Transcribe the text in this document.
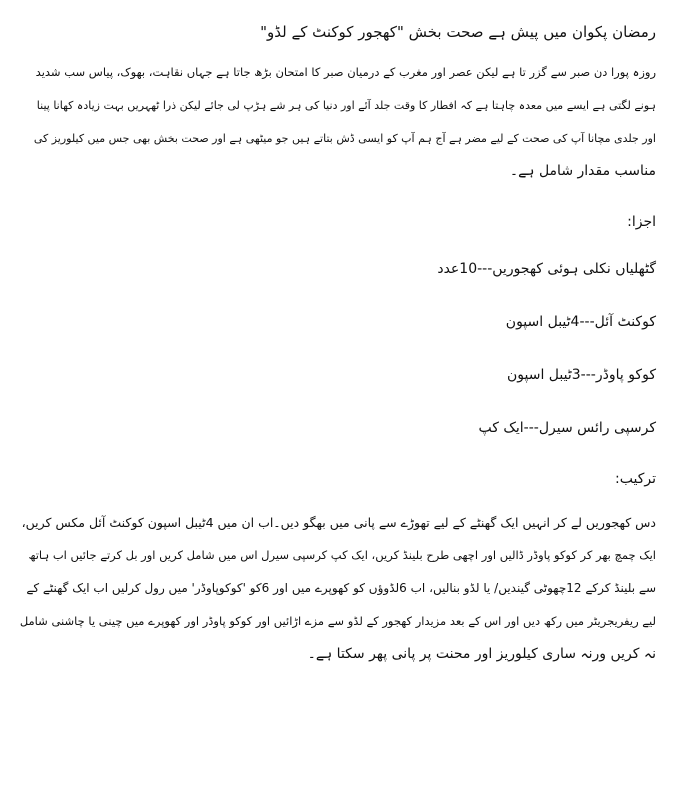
رمضان پکوان میں پیش ہے صحت بخش "کھجور کوکنٹ کے لڈو"
روزہ پورا دن صبر سے گزر تا ہے لیکن عصر اور مغرب کے درمیان صبر کا امتحان بڑھ جاتا ہے جہاں نقاہت، بھوک، پیاس سب شدید
ہونے لگتی ہے ایسے میں معدہ چاہتا ہے کہ افطار کا وقت جلد آئے اور دنیا کی ہر شے ہڑپ لی جائے لیکن ذرا ٹھہریں بہت زیادہ کھانا پینا
اور جلدی مچانا آپ کی صحت کے لیے مضر ہے آج ہم آپ کو ایسی ڈش بتاتے ہیں جو میٹھی ہے اور صحت بخش بھی جس میں کیلوریز کی
مناسب مقدار شامل ہے۔
اجزا:
گٹھلیاں نکلی ہوئی کھجوریں---10عدد
کوکنٹ آئل---4ٹیبل اسپون
کوکو پاوڈر---3ٹیبل اسپون
کرسپی رائس سیرل---ایک کپ
ترکیب:
دس کھجوریں لے کر انہیں ایک گھنٹے کے لیے تھوڑے سے پانی میں بھگو دیں۔اب ان میں 4ٹیبل اسپون کوکنٹ آئل مکس کریں،
ایک چمچ بھر کر کوکو پاوڈر ڈالیں اور اچھی طرح بلینڈ کریں، ایک کپ کرسپی سیرل اس میں شامل کریں اور بل کرتے جائیں اب ہاتھ
سے بلینڈ کرکے 12چھوٹی گیندیں/ یا لڈو بنالیں، اب 6لڈوؤں کو کھوپرے میں اور 6کو 'کوکوپاوڈر' میں رول کرلیں اب ایک گھنٹے کے
لیے ریفریجریٹر میں رکھ دیں اور اس کے بعد مزیدار کھجور کے لڈو سے مزے اڑائیں اور کوکو پاوڈر اور کھوپرے میں چینی یا چاشنی شامل
نہ کریں ورنہ ساری کیلوریز اور محنت پر پانی پھر سکتا ہے۔
